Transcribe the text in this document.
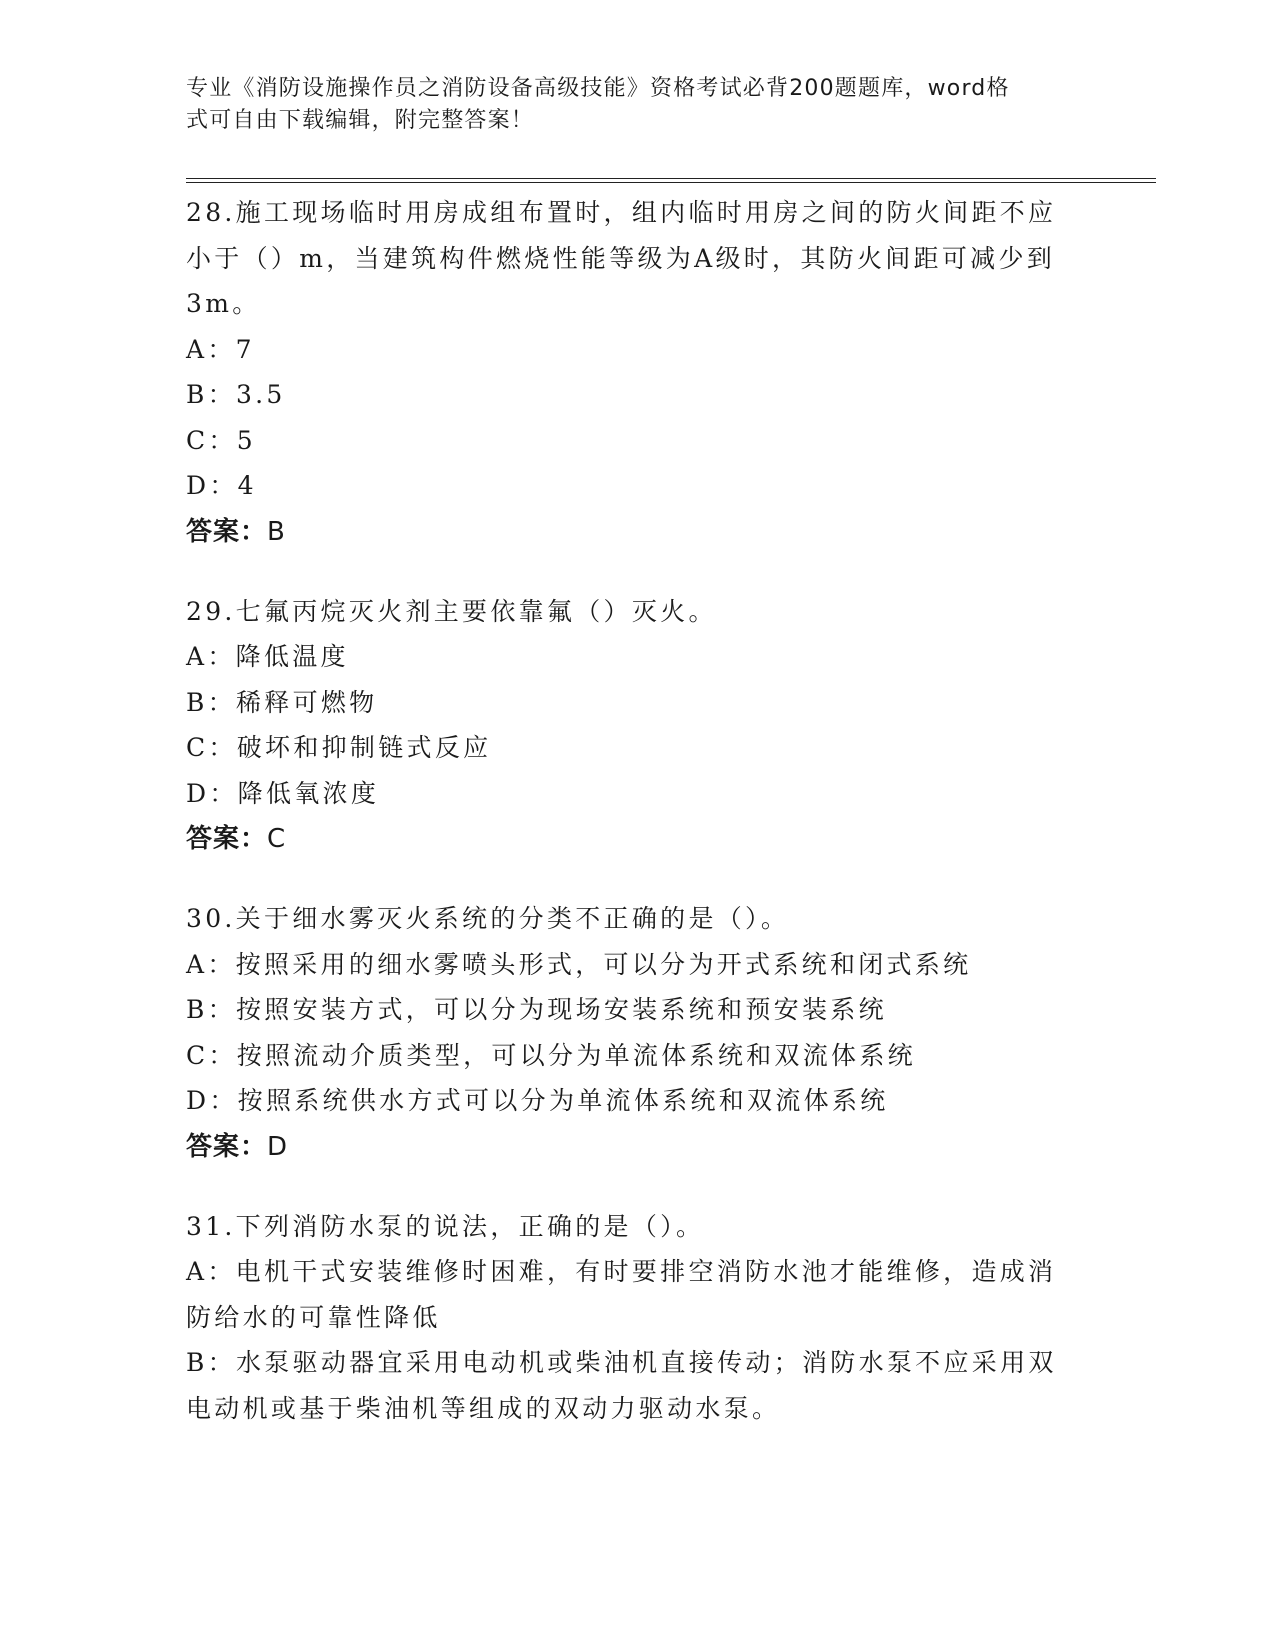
专业《消防设施操作员之消防设备高级技能》资格考试必背200题题库，word格
式可自由下载编辑，附完整答案！
28.施工现场临时用房成组布置时，组内临时用房之间的防火间距不应小于（）m，当建筑构件燃烧性能等级为A级时，其防火间距可减少到3m。
A：7
B：3.5
C：5
D：4
答案：B
29.七氟丙烷灭火剂主要依靠氟（）灭火。
A：降低温度
B：稀释可燃物
C：破坏和抑制链式反应
D：降低氧浓度
答案：C
30.关于细水雾灭火系统的分类不正确的是（）。
A：按照采用的细水雾喷头形式，可以分为开式系统和闭式系统
B：按照安装方式，可以分为现场安装系统和预安装系统
C：按照流动介质类型，可以分为单流体系统和双流体系统
D：按照系统供水方式可以分为单流体系统和双流体系统
答案：D
31.下列消防水泵的说法，正确的是（）。
A：电机干式安装维修时困难，有时要排空消防水池才能维修，造成消防给水的可靠性降低
B：水泵驱动器宜采用电动机或柴油机直接传动；消防水泵不应采用双电动机或基于柴油机等组成的双动力驱动水泵。
